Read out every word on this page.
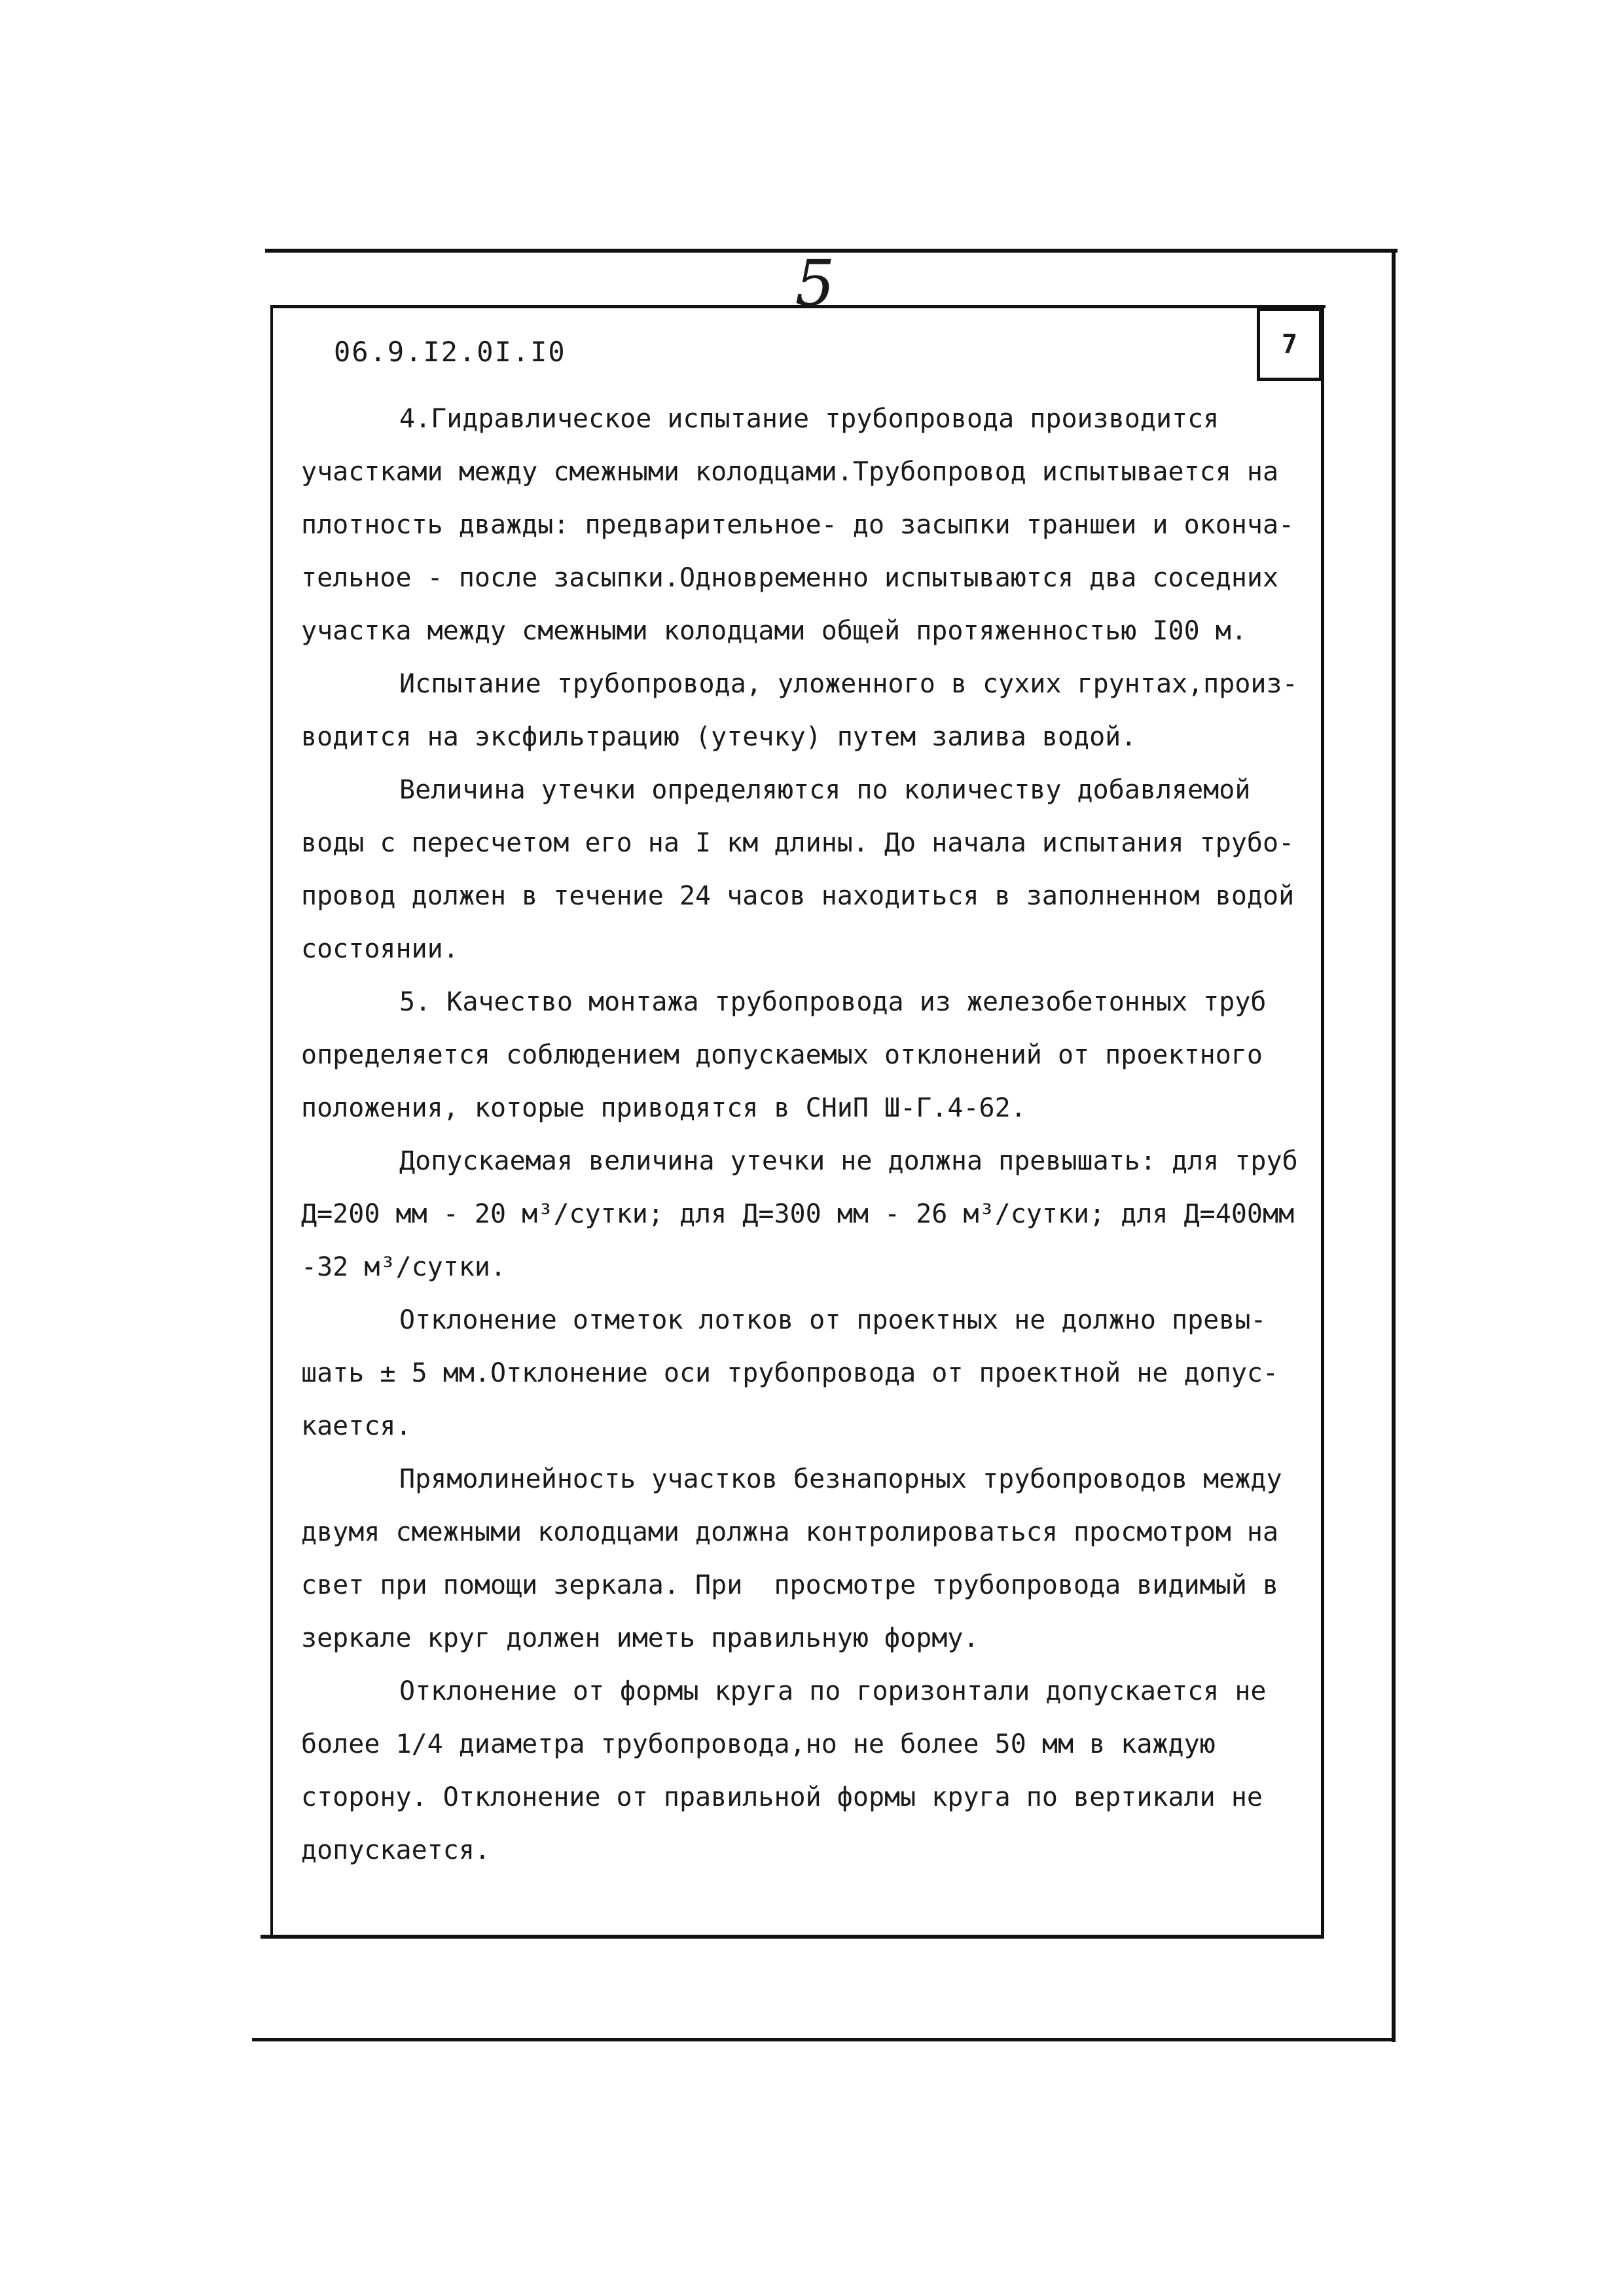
5
06.9.I2.0I.I0	7

4.Гидравлическое испытание трубопровода производится

участками между смежными колодцами.Трубопровод испытывается на

плотность дважды: предварительное- до засыпки траншеи и оконча-

тельное - после засыпки.Одновременно испытываются два соседних

участка между смежными колодцами общей протяженностью I00 м.

Испытание трубопровода, уложенного в сухих грунтах,произ-

водится на эксфильтрацию (утечку) путем залива водой.

Величина утечки определяются по количеству добавляемой

воды с пересчетом его на I км длины. До начала испытания трубо-

провод должен в течение 24 часов находиться в заполненном водой

состоянии.

5. Качество монтажа трубопровода из железобетонных труб

определяется соблюдением допускаемых отклонений от проектного

положения, которые приводятся в СНиП Ш-Г.4-62.

Допускаемая величина утечки не должна превышать: для труб

Д=200 мм - 20 м³/сутки; для Д=300 мм - 26 м³/сутки; для Д=400мм

-32 м³/сутки.

Отклонение отметок лотков от проектных не должно превы-

шать ± 5 мм.Отклонение оси трубопровода от проектной не допус-

кается.

Прямолинейность участков безнапорных трубопроводов между

двумя смежными колодцами должна контролироваться просмотром на

свет при помощи зеркала. При  просмотре трубопровода видимый в

зеркале круг должен иметь правильную форму.

Отклонение от формы круга по горизонтали допускается не

более 1/4 диаметра трубопровода,но не более 50 мм в каждую

сторону. Отклонение от правильной формы круга по вертикали не

допускается.
